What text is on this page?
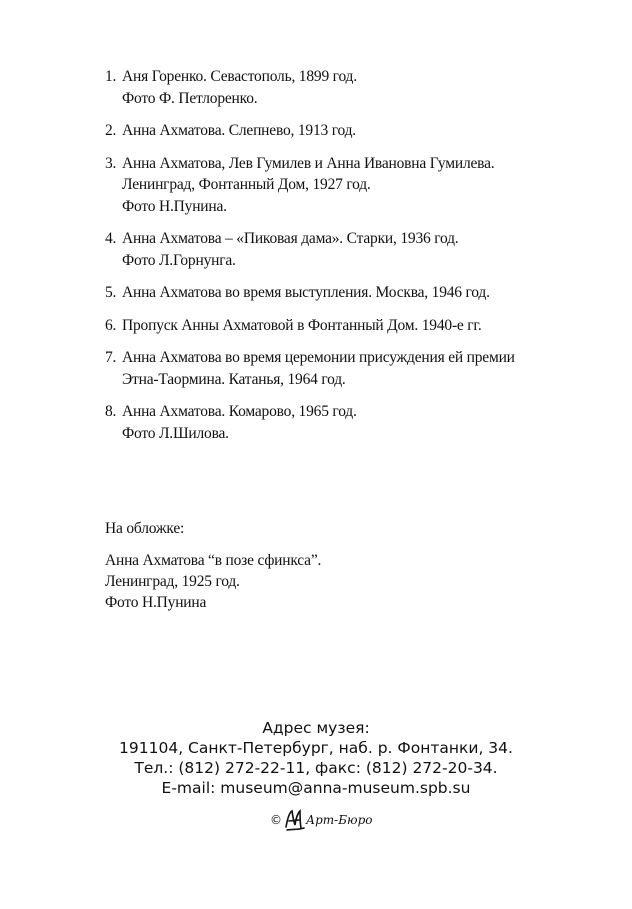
1. Аня Горенко. Севастополь, 1899 год.
Фото Ф. Петлоренко.
2. Анна Ахматова. Слепнево, 1913 год.
3. Анна Ахматова, Лев Гумилев и Анна Ивановна Гумилева.
Ленинград, Фонтанный Дом, 1927 год.
Фото Н.Пунина.
4. Анна Ахматова – «Пиковая дама». Старки, 1936 год.
Фото Л.Горнунга.
5. Анна Ахматова во время выступления. Москва, 1946 год.
6. Пропуск Анны Ахматовой в Фонтанный Дом. 1940-е гг.
7. Анна Ахматова во время церемонии присуждения ей премии
Этна-Таормина. Катанья, 1964 год.
8. Анна Ахматова. Комарово, 1965 год.
Фото Л.Шилова.
На обложке:
Анна Ахматова “в позе сфинкса”.
Ленинград, 1925 год.
Фото Н.Пунина
Адрес музея:
191104, Санкт-Петербург, наб. р. Фонтанки, 34.
Тел.: (812) 272-22-11, факс: (812) 272-20-34.
E-mail: museum@anna-museum.spb.su
© Арт-Бюро
